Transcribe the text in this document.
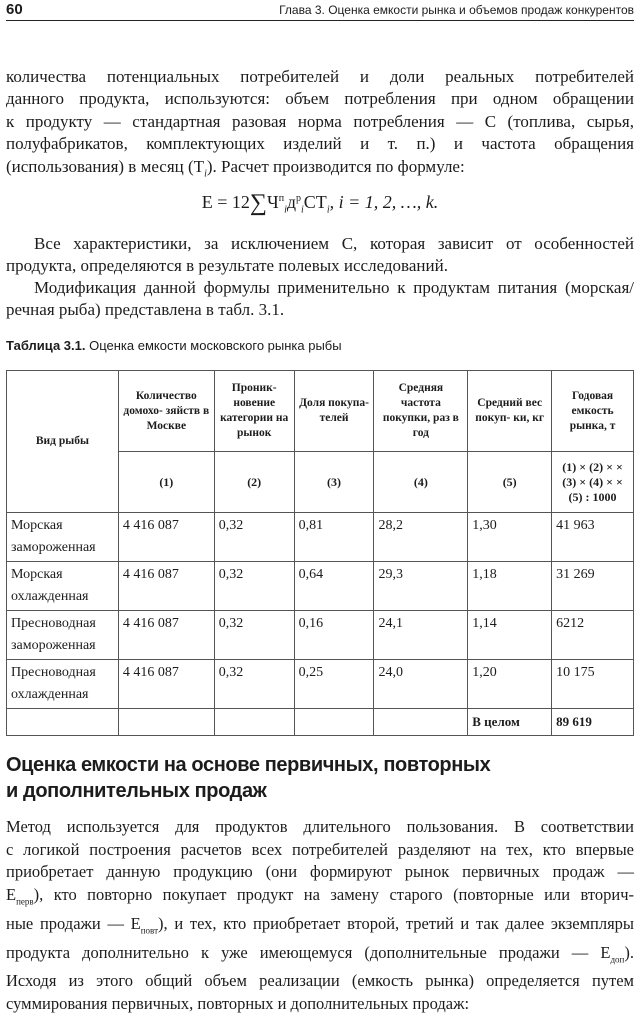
60	Глава 3. Оценка емкости рынка и объемов продаж конкурентов
количества потенциальных потребителей и доли реальных потребителей
данного продукта, используются: объем потребления при одном обращении
к продукту — стандартная разовая норма потребления — С (топлива, сырья,
полуфабрикатов, комплектующих изделий и т. п.) и частота обращения
(использования) в месяц $(Т_i)$. Расчет производится по формуле:
$Е = 12\sum Ч^п_iд^р_iСТ_i$, i = 1, 2, …, k.
Все характеристики, за исключением С, которая зависит от особенностей продукта, определяются в результате полевых исследований.
Модификация данной формулы применительно к продуктам питания (морская/речная рыба) представлена в табл. 3.1.
Таблица 3.1. Оценка емкости московского рынка рыбы
Вид рыбы	Количество домохо- зяйств в Москве	Проник- новение категории на рынок	Доля покупа- телей	Средняя частота покупки, раз в год	Средний вес покуп- ки, кг	Годовая емкость рынка, т
	(1)	(2)	(3)	(4)	(5)	(1) × (2) × × (3) × (4) × × (5) : 1000
Морская замороженная	4 416 087	0,32	0,81	28,2	1,30	41 963
Морская охлажденная	4 416 087	0,32	0,64	29,3	1,18	31 269
Пресноводная замороженная	4 416 087	0,32	0,16	24,1	1,14	6212
Пресноводная охлажденная	4 416 087	0,32	0,25	24,0	1,20	10 175
					В целом	89 619
Оценка емкости на основе первичных, повторных
и дополнительных продаж
Метод используется для продуктов длительного пользования. В соответствии
с логикой построения расчетов всех потребителей разделяют на тех, кто впервые
приобретает данную продукцию (они формируют рынок первичных продаж —
$Е_{перв}$), кто повторно покупает продукт на замену старого (повторные или вторич-
ные продажи — $Е_{повт}$), и тех, кто приобретает второй, третий и так далее экземпляры
продукта дополнительно к уже имеющемуся (дополнительные продажи — $Е_{доп}$).
Исходя из этого общий объем реализации (емкость рынка) определяется путем
суммирования первичных, повторных и дополнительных продаж:
